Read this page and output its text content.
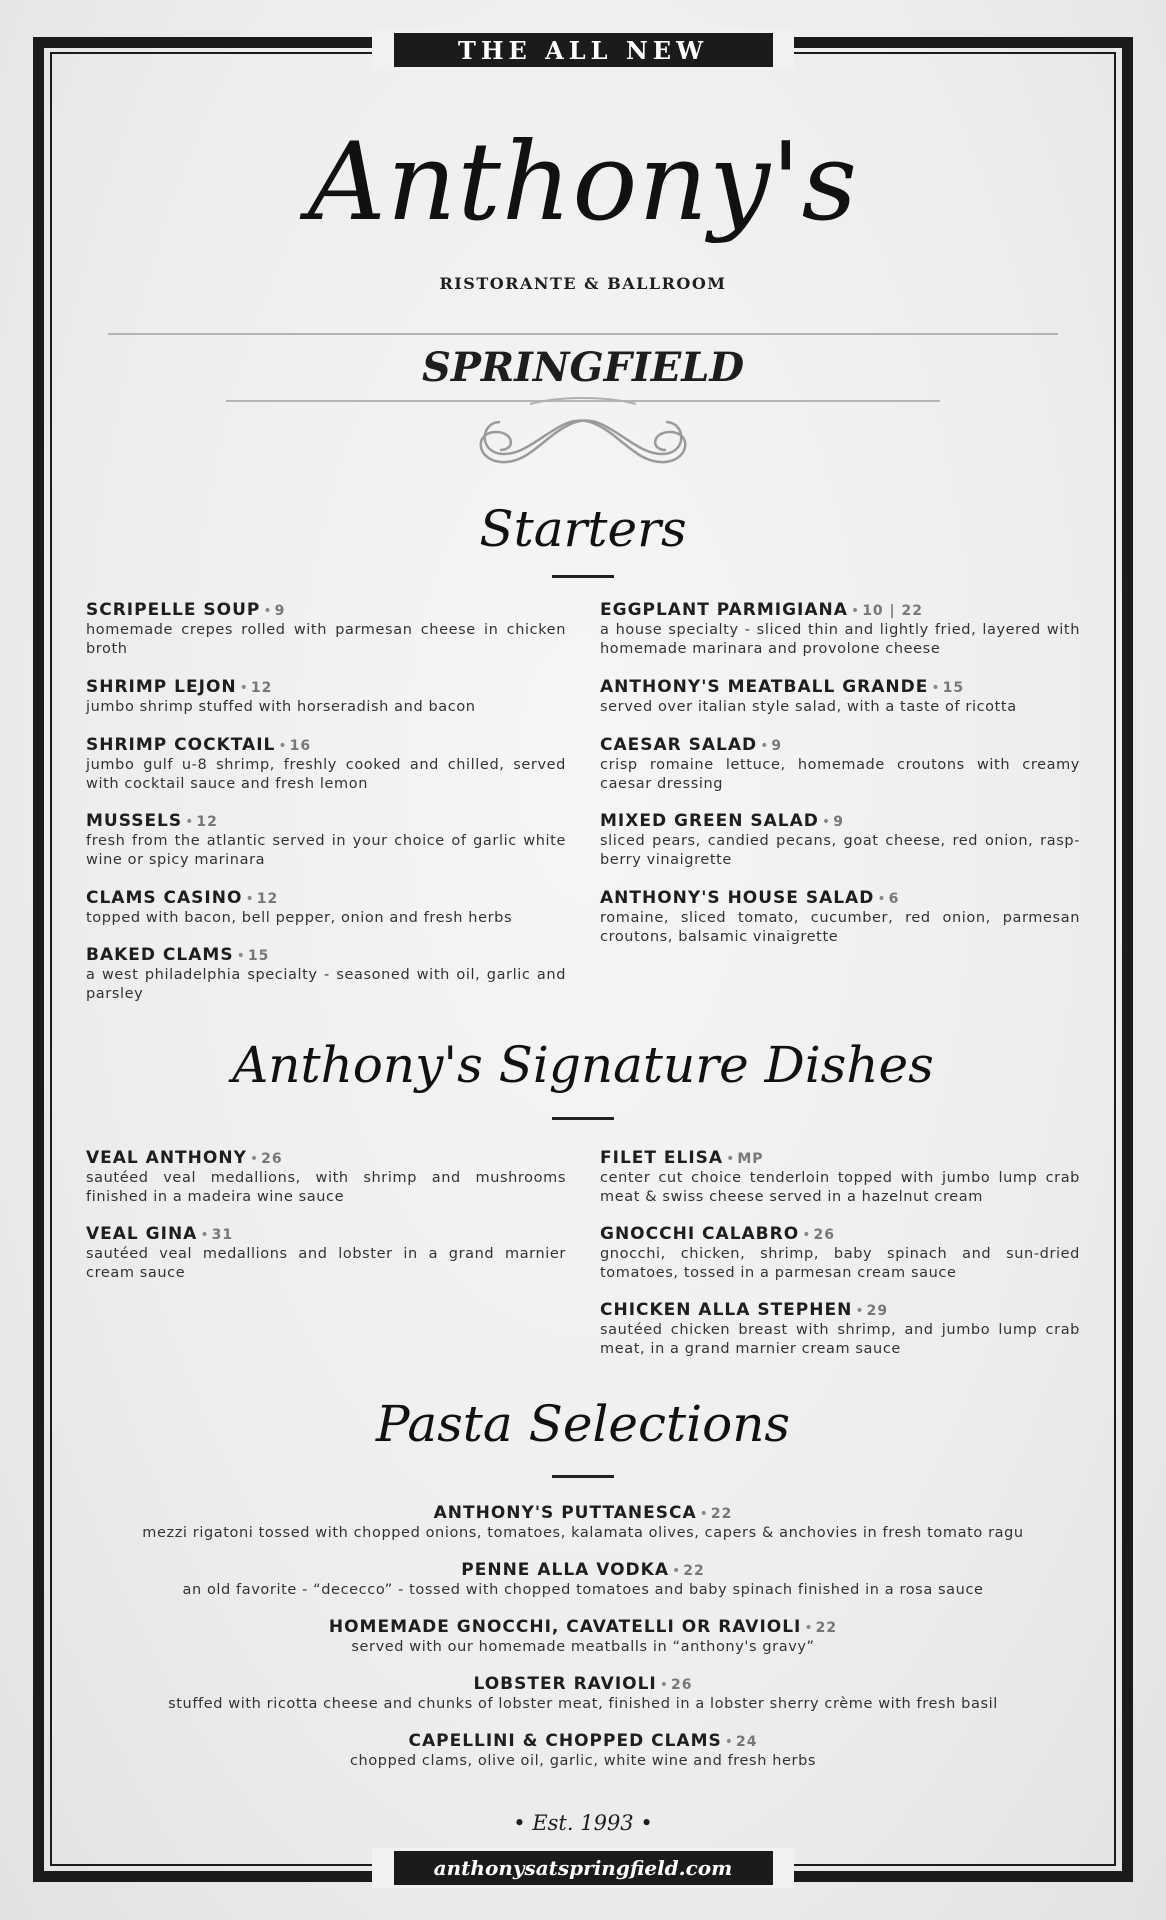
THE ALL NEW
Anthony's
RISTORANTE & BALLROOM
SPRINGFIELD
Starters
SCRIPELLE SOUP • 9
homemade crepes rolled with parmesan cheese in chicken broth
SHRIMP LEJON • 12
jumbo shrimp stuffed with horseradish and bacon
SHRIMP COCKTAIL • 16
jumbo gulf u-8 shrimp, freshly cooked and chilled, served with cocktail sauce and fresh lemon
MUSSELS • 12
fresh from the atlantic served in your choice of garlic white wine or spicy marinara
CLAMS CASINO • 12
topped with bacon, bell pepper, onion and fresh herbs
BAKED CLAMS • 15
a west philadelphia specialty - seasoned with oil, garlic and parsley
EGGPLANT PARMIGIANA • 10 | 22
a house specialty - sliced thin and lightly fried, layered with homemade marinara and provolone cheese
ANTHONY'S MEATBALL GRANDE • 15
served over italian style salad, with a taste of ricotta
CAESAR SALAD • 9
crisp romaine lettuce, homemade croutons with creamy caesar dressing
MIXED GREEN SALAD • 9
sliced pears, candied pecans, goat cheese, red onion, rasp-berry vinaigrette
ANTHONY'S HOUSE SALAD • 6
romaine, sliced tomato, cucumber, red onion, parmesan croutons, balsamic vinaigrette
Anthony's Signature Dishes
VEAL ANTHONY • 26
sautéed veal medallions, with shrimp and mushrooms finished in a madeira wine sauce
VEAL GINA • 31
sautéed veal medallions and lobster in a grand marnier cream sauce
FILET ELISA • MP
center cut choice tenderloin topped with jumbo lump crab meat & swiss cheese served in a hazelnut cream
GNOCCHI CALABRO • 26
gnocchi, chicken, shrimp, baby spinach and sun-dried tomatoes, tossed in a parmesan cream sauce
CHICKEN ALLA STEPHEN • 29
sautéed chicken breast with shrimp, and jumbo lump crab meat, in a grand marnier cream sauce
Pasta Selections
ANTHONY'S PUTTANESCA • 22
mezzi rigatoni tossed with chopped onions, tomatoes, kalamata olives, capers & anchovies in fresh tomato ragu
PENNE ALLA VODKA • 22
an old favorite - “dececco” - tossed with chopped tomatoes and baby spinach finished in a rosa sauce
HOMEMADE GNOCCHI, CAVATELLI OR RAVIOLI • 22
served with our homemade meatballs in “anthony's gravy”
LOBSTER RAVIOLI • 26
stuffed with ricotta cheese and chunks of lobster meat, finished in a lobster sherry crème with fresh basil
CAPELLINI & CHOPPED CLAMS • 24
chopped clams, olive oil, garlic, white wine and fresh herbs
• Est. 1993 •
anthonysatspringfield.com
